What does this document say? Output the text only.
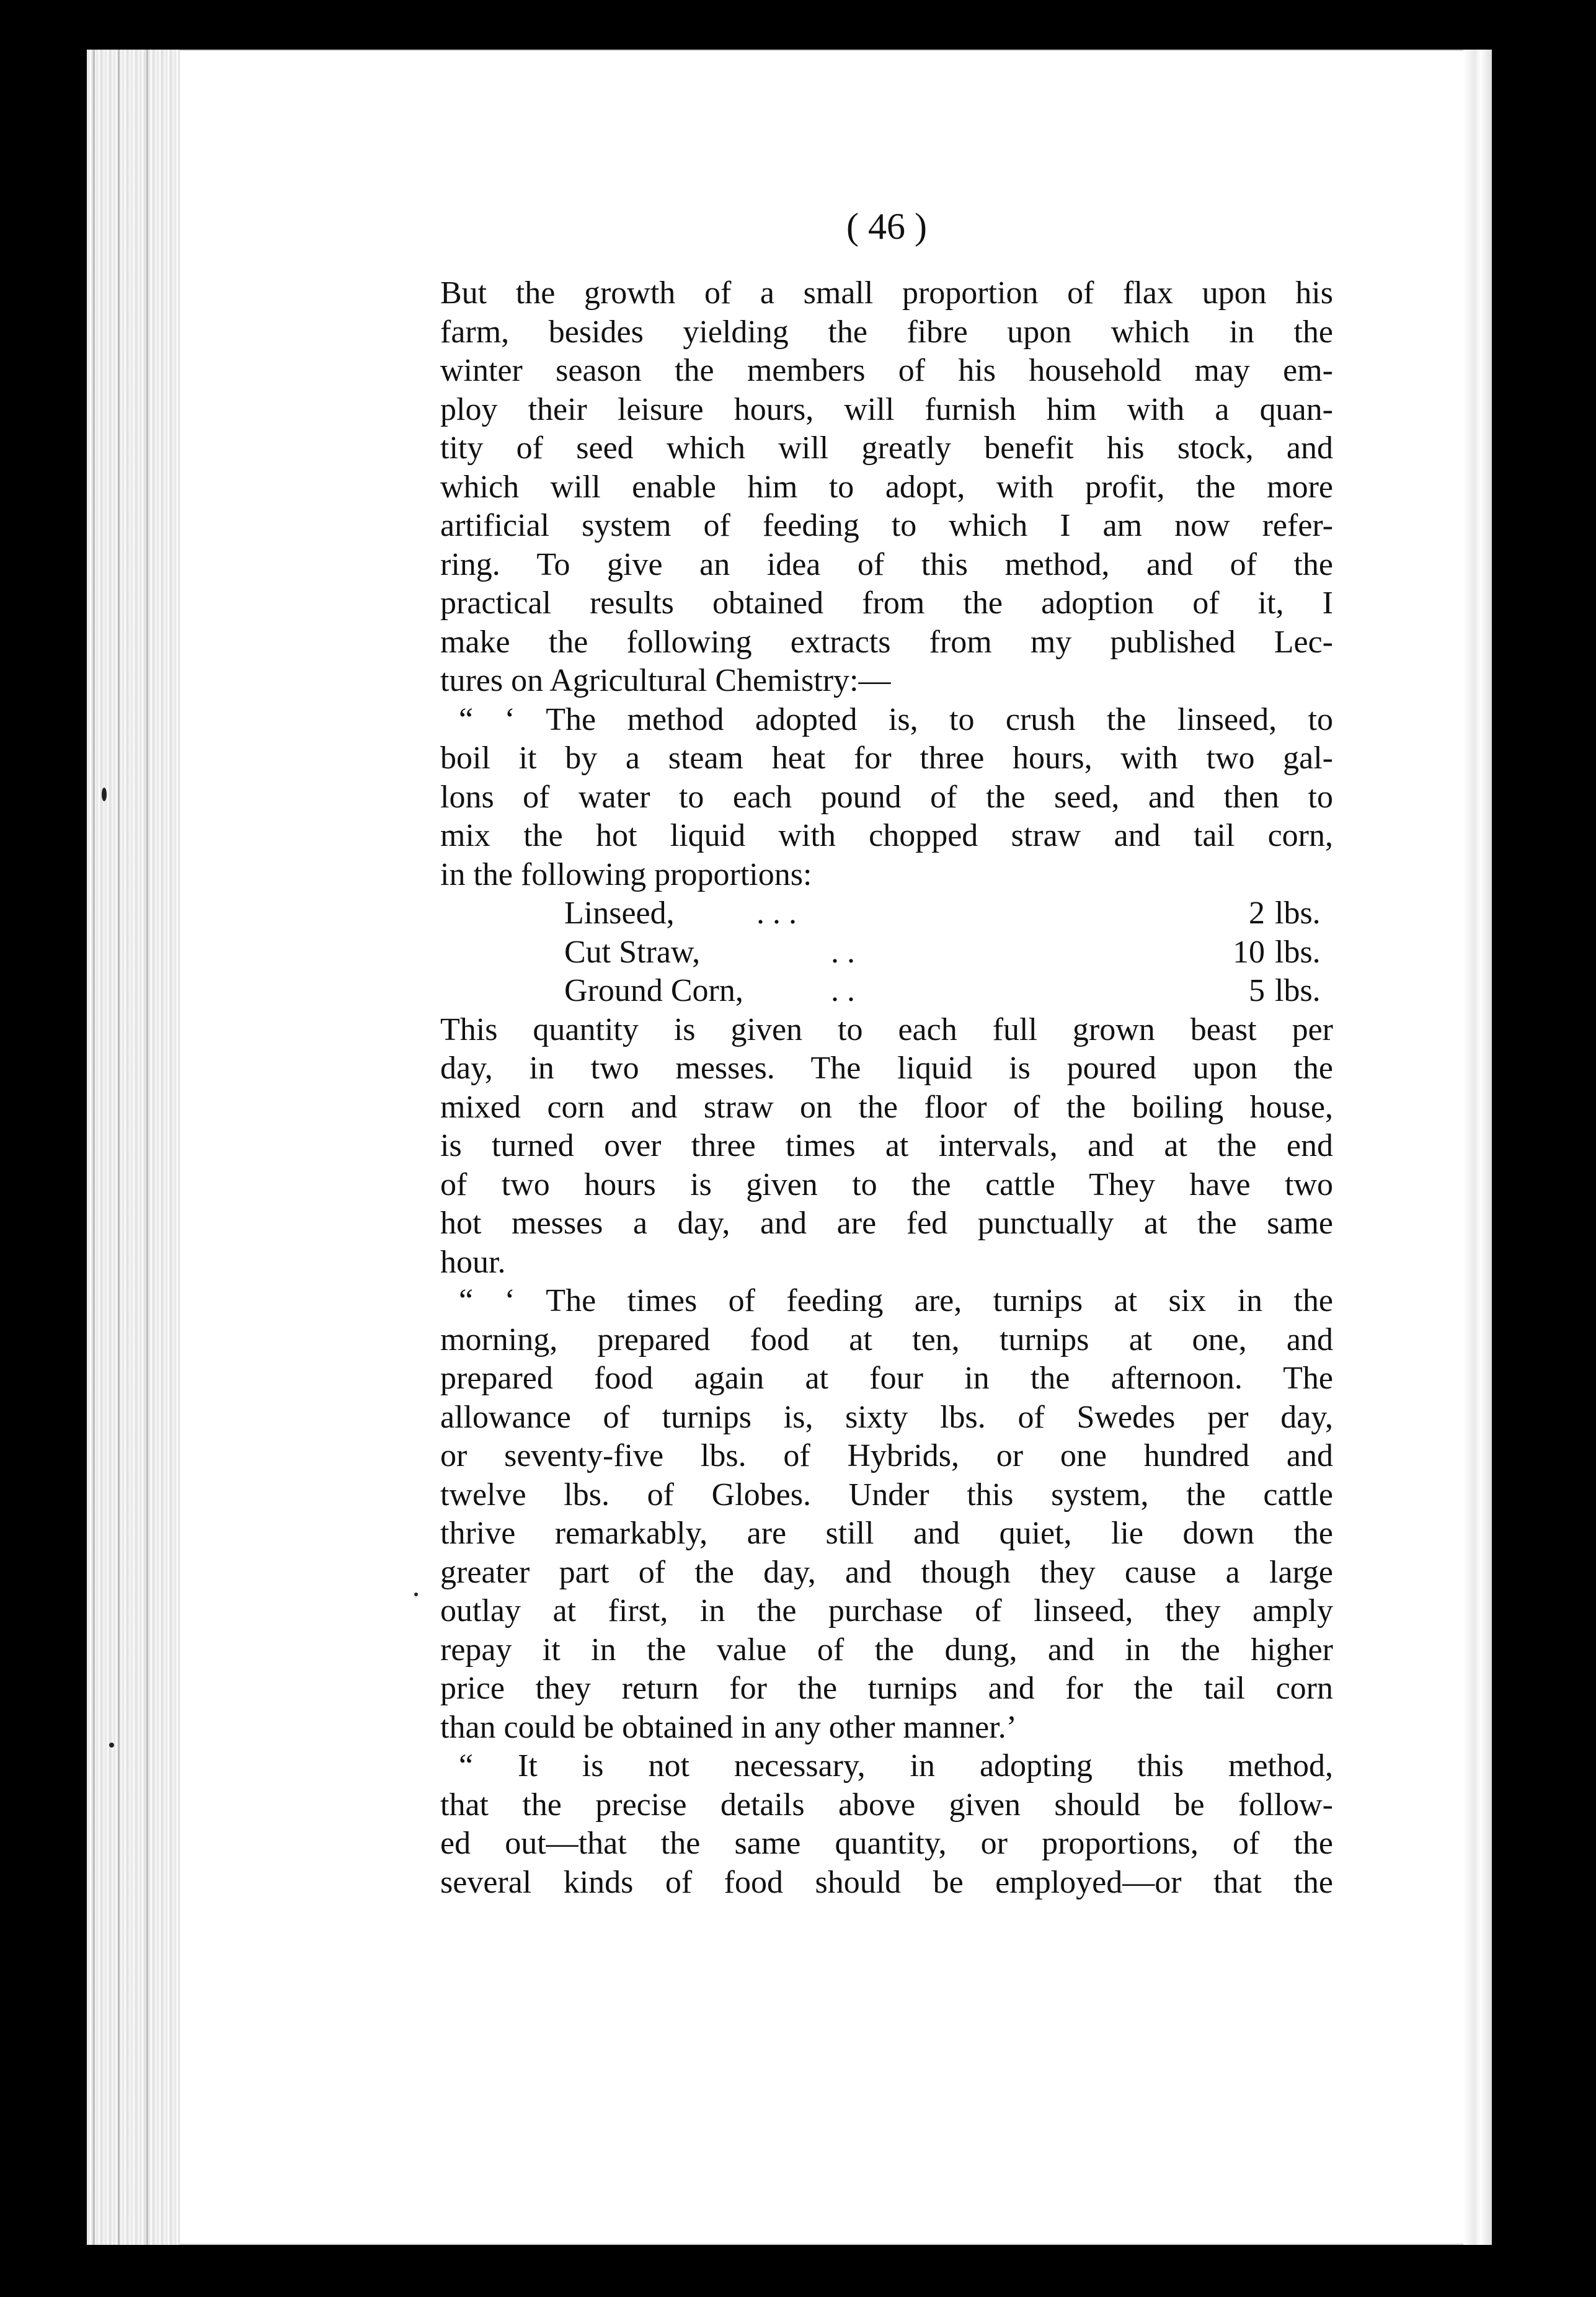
( 46 )
But the growth of a small proportion of flax upon his
farm, besides yielding the fibre upon which in the
winter season the members of his household may em-
ploy their leisure hours, will furnish him with a quan-
tity of seed which will greatly benefit his stock, and
which will enable him to adopt, with profit, the more
artificial system of feeding to which I am now refer-
ring. To give an idea of this method, and of the
practical results obtained from the adoption of it, I
make the following extracts from my published Lec-
tures on Agricultural Chemistry:—
“ ‘ The method adopted is, to crush the linseed, to
boil it by a steam heat for three hours, with two gal-
lons of water to each pound of the seed, and then to
mix the hot liquid with chopped straw and tail corn,
in the following proportions:
Linseed,	. . .	2 lbs.
Cut Straw,	. .	10 lbs.
Ground Corn,	. .	5 lbs.
This quantity is given to each full grown beast per
day, in two messes. The liquid is poured upon the
mixed corn and straw on the floor of the boiling house,
is turned over three times at intervals, and at the end
of two hours is given to the cattle They have two
hot messes a day, and are fed punctually at the same
hour.
“ ‘ The times of feeding are, turnips at six in the
morning, prepared food at ten, turnips at one, and
prepared food again at four in the afternoon. The
allowance of turnips is, sixty lbs. of Swedes per day,
or seventy-five lbs. of Hybrids, or one hundred and
twelve lbs. of Globes. Under this system, the cattle
thrive remarkably, are still and quiet, lie down the
greater part of the day, and though they cause a large
outlay at first, in the purchase of linseed, they amply
repay it in the value of the dung, and in the higher
price they return for the turnips and for the tail corn
than could be obtained in any other manner.’
“ It is not necessary, in adopting this method,
that the precise details above given should be follow-
ed out—that the same quantity, or proportions, of the
several kinds of food should be employed—or that the
